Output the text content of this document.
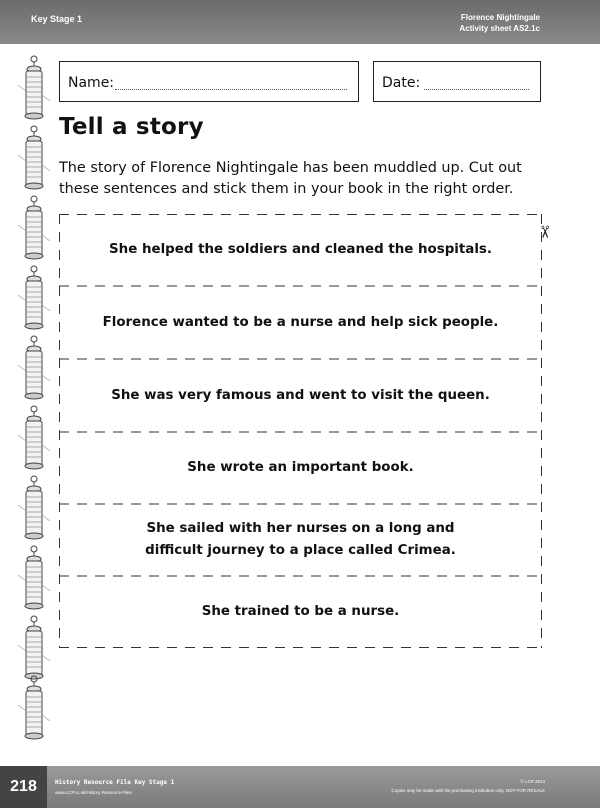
Key Stage 1	Florence Nightingale
Activity sheet AS2.1c
Name:	Date:
Tell a story
The story of Florence Nightingale has been muddled up. Cut out these sentences and stick them in your book in the right order.
She helped the soldiers and cleaned the hospitals.
Florence wanted to be a nurse and help sick people.
She was very famous and went to visit the queen.
She wrote an important book.
She sailed with her nurses on a long and
difficult journey to a place called Crimea.
She trained to be a nurse.
✂
218	History Resource File Key Stage 1
www.LCPco.uk/History Resource Files
© LCP 2014
Copies may be made with the purchasing institution only. NOT FOR RESALE
